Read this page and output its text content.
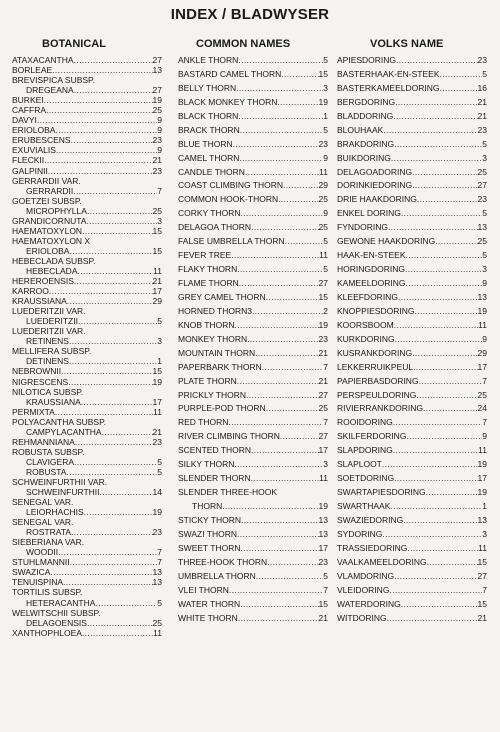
INDEX / BLADWYSER
BOTANICAL	COMMON NAMES	VOLKS NAME
ATAXACANTHA .....	27
BORLEAE .....	13
BREVISPICA SUBSP.
DREGEANA .....	27
BURKEI .....	19
CAFFRA .....	25
DAVYI .....	9
ERIOLOBA .....	9
ERUBESCENS .....	23
EXUVIALIS .....	9
FLECKII .....	21
GALPINII .....	23
GERRARDII VAR.
GERRARDII .....	7
GOETZEI SUBSP.
MICROPHYLLA .....	25
GRANDICORNUTA .....	3
HAEMATOXYLON .....	15
HAEMATOXYLON X
ERIOLOBA .....	15
HEBECLADA SUBSP.
HEBECLADA .....	11
HEREROENSIS .....	21
KARROO .....	17
KRAUSSIANA .....	29
LUEDERITZII VAR.
LUEDERITZII .....	5
LUEDERITZII VAR.
RETINENS .....	3
MELLIFERA SUBSP.
DETINENS .....	1
NEBROWNII .....	15
NIGRESCENS .....	19
NILOTICA SUBSP.
KRAUSSIANA .....	17
PERMIXTA .....	11
POLYACANTHA SUBSP.
CAMPYLACANTHA .....	21
REHMANNIANA .....	23
ROBUSTA SUBSP.
CLAVIGERA .....	5
ROBUSTA .....	5
SCHWEINFURTHII VAR.
SCHWEINFURTHII .....	14
SENEGAL VAR.
LEIORHACHIS .....	19
SENEGAL VAR.
ROSTRATA .....	23
SIEBERIANA VAR.
WOODII .....	7
STUHLMANNII .....	7
SWAZICA .....	13
TENUISPINA .....	13
TORTILIS SUBSP.
HETERACANTHA .....	5
WELWITSCHII SUBSP.
DELAGOENSIS .....	25
XANTHOPHLOEA .....	11
ANKLE THORN .....	5
BASTARD CAMEL THORN .....	15
BELLY THORN .....	3
BLACK MONKEY THORN .....	19
BLACK THORN .....	1
BRACK THORN .....	5
BLUE THORN .....	23
CAMEL THORN .....	9
CANDLE THORN .....	11
COAST CLIMBING THORN .....	29
COMMON HOOK-THORN .....	25
CORKY THORN .....	9
DELAGOA THORN .....	25
FALSE UMBRELLA THORN .....	5
FEVER TREE .....	11
FLAKY THORN .....	5
FLAME THORN .....	27
GREY CAMEL THORN .....	15
HORNED THORN3 .....	2
KNOB THORN .....	19
MONKEY THORN .....	23
MOUNTAIN THORN .....	21
PAPERBARK THORN .....	7
PLATE THORN .....	21
PRICKLY THORN .....	27
PURPLE-POD THORN .....	25
RED THORN .....	7
RIVER CLIMBING THORN .....	27
SCENTED THORN .....	17
SILKY THORN .....	3
SLENDER THORN .....	11
SLENDER THREE-HOOK
THORN .....	19
STICKY THORN .....	13
SWAZI THORN .....	13
SWEET THORN .....	17
THREE-HOOK THORN .....	23
UMBRELLA THORN .....	5
VLEI THORN .....	7
WATER THORN .....	15
WHITE THORN .....	21
APIESDORING .....	23
BASTERHAAK-EN-STEEK .....	5
BASTERKAMEELDORING .....	16
BERGDORING .....	21
BLADDORING .....	21
BLOUHAAK .....	23
BRAKDORING .....	5
BUIKDORING .....	3
DELAGOADORING .....	25
DORINKIEDORING .....	27
DRIE HAAKDORING .....	23
ENKEL DORING .....	5
FYNDORING .....	13
GEWONE HAAKDORING .....	25
HAAK-EN-STEEK .....	5
HORINGDORING .....	3
KAMEELDORING .....	9
KLEEFDORING .....	13
KNOPPIESDORING .....	19
KOORSBOOM .....	11
KURKDORING .....	9
KUSRANKDORING .....	29
LEKKERRUIKPEUL .....	17
PAPIERBASDORING .....	7
PERSPEULDORING .....	25
RIVIERRANKDORING .....	24
ROOIDORING .....	7
SKILFERDORING .....	9
SLAPDORING .....	11
SLAPLOOT .....	19
SOETDORING .....	17
SWARTAPIESDORING .....	19
SWARTHAAK .....	1
SWAZIEDORING .....	13
SYDORING .....	3
TRASSIEDORING .....	11
VAALKAMEELDORING .....	15
VLAMDORING .....	27
VLEIDORING .....	7
WATERDORING .....	15
WITDORING .....	21
